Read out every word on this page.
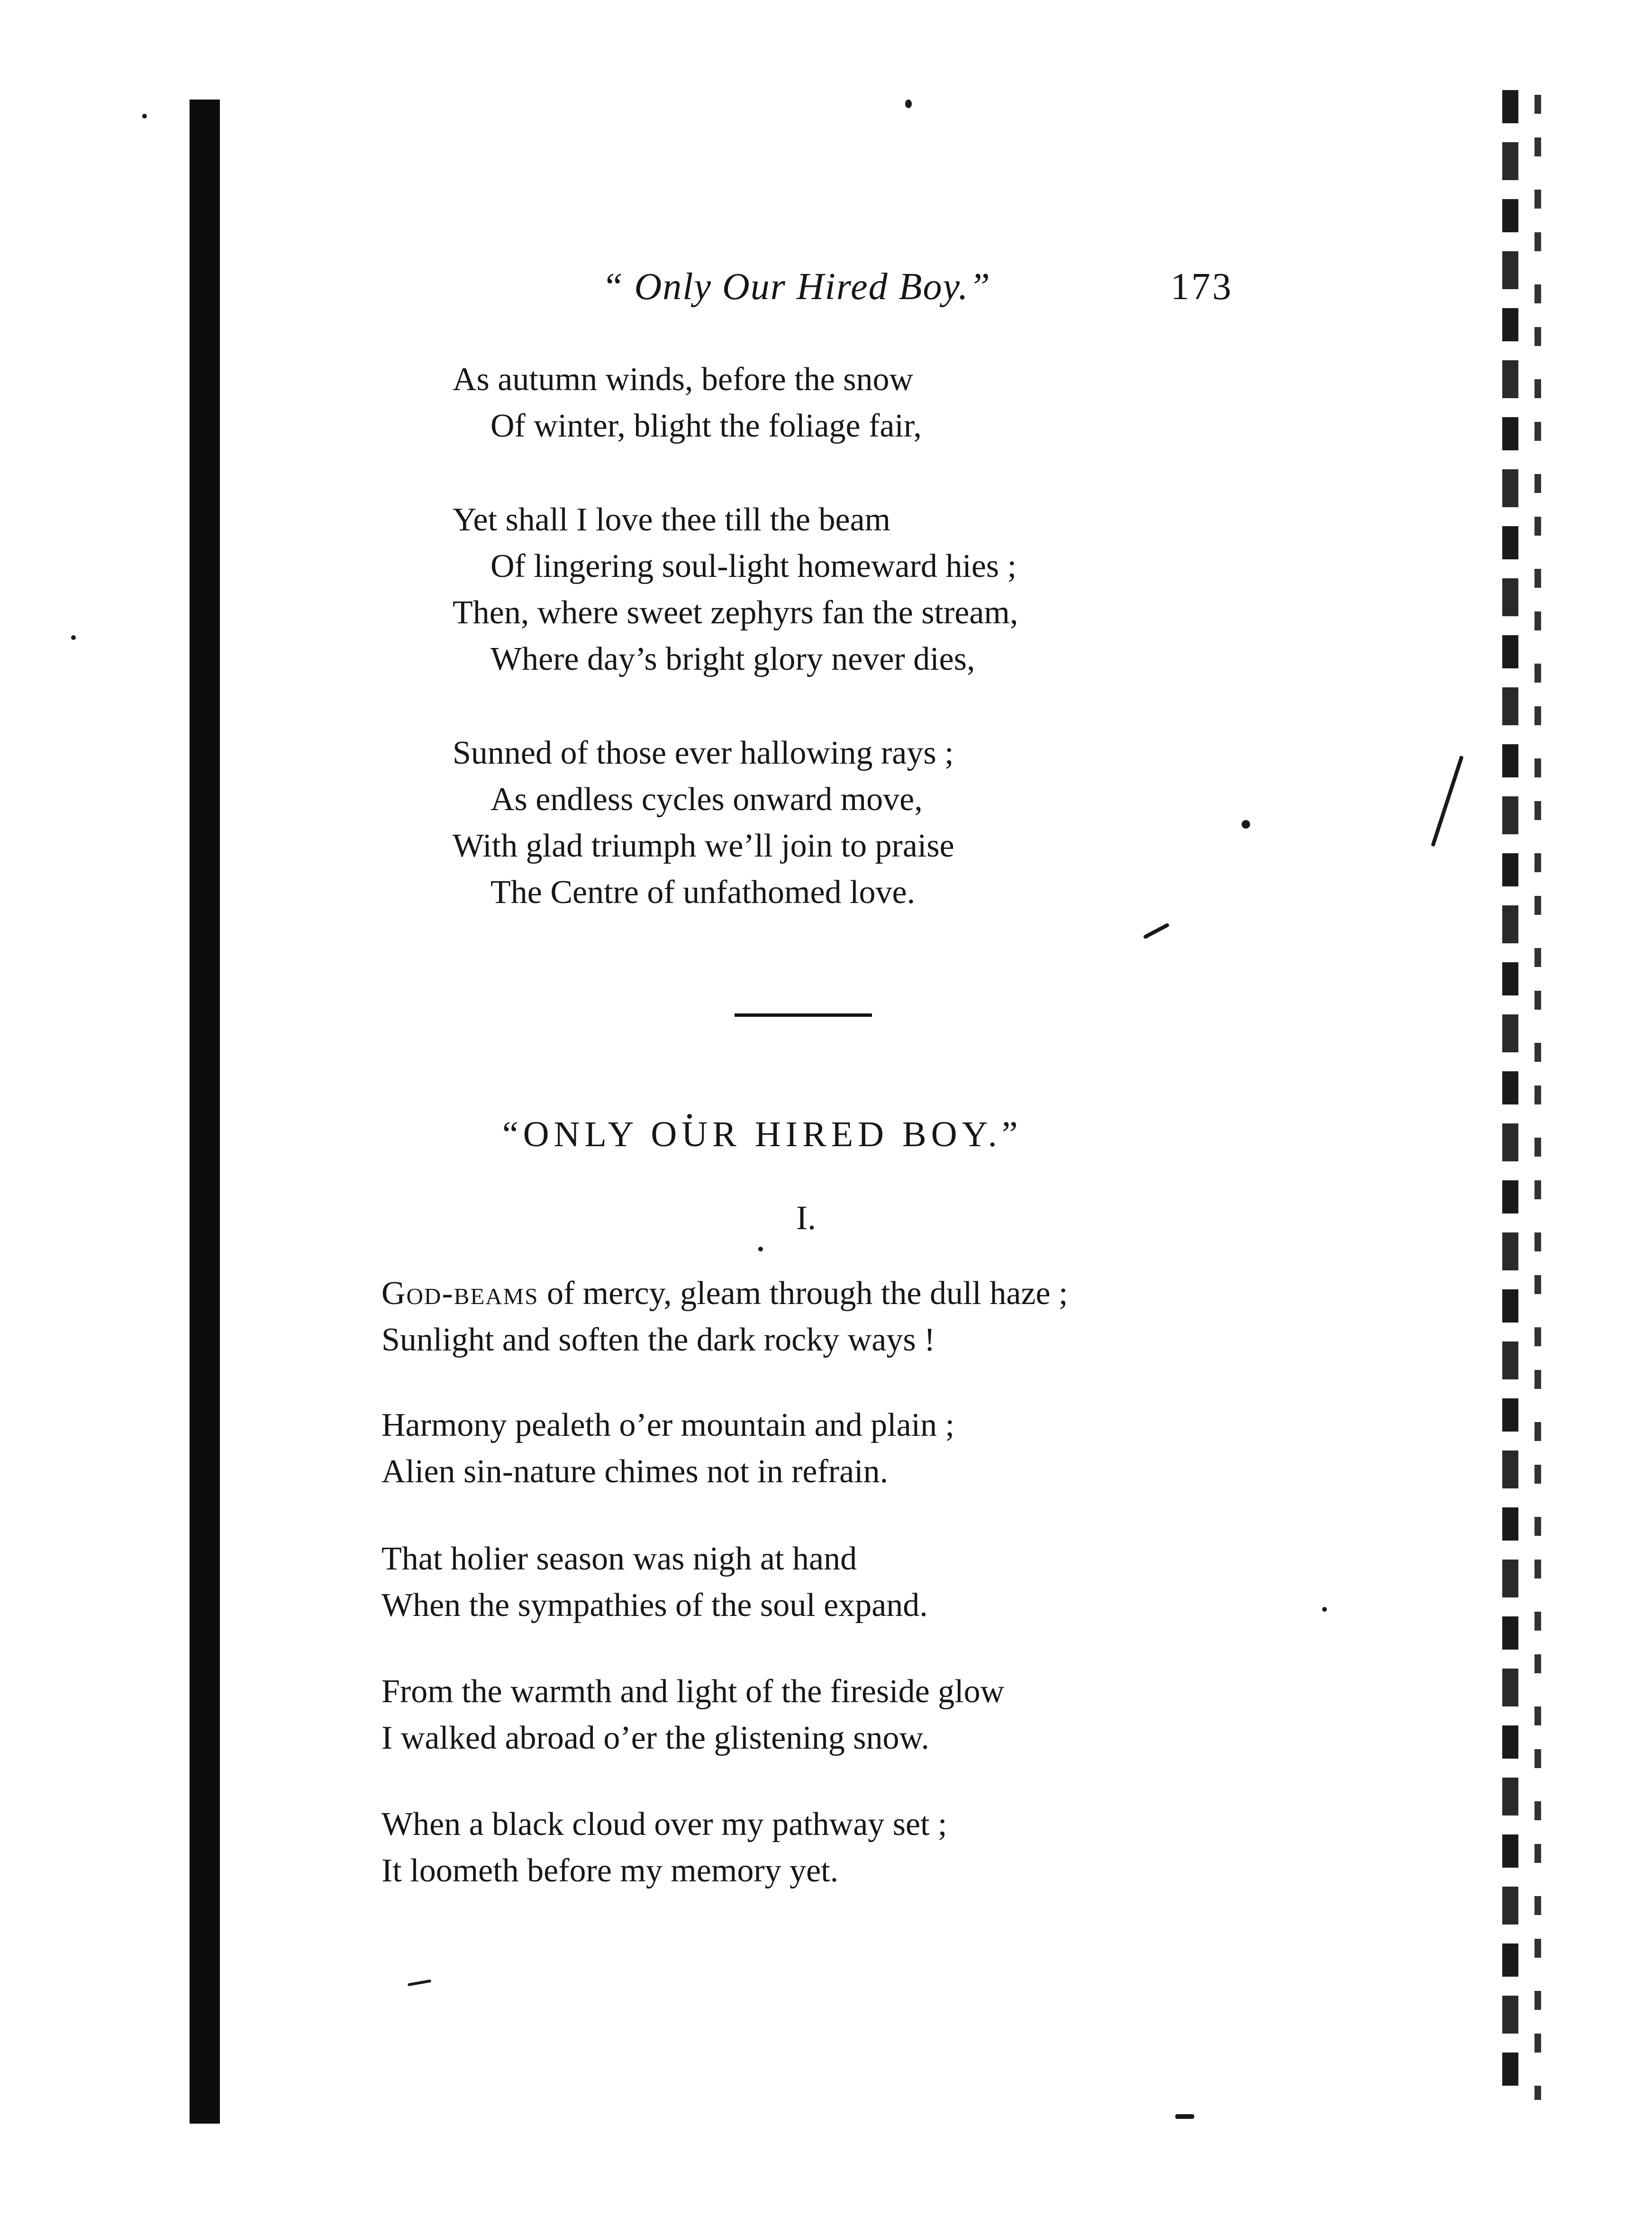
“ Only Our Hired Boy.”	173
As autumn winds, before the snow
Of winter, blight the foliage fair,
Yet shall I love thee till the beam
Of lingering soul-light homeward hies ;
Then, where sweet zephyrs fan the stream,
Where day’s bright glory never dies,
Sunned of those ever hallowing rays ;
As endless cycles onward move,
With glad triumph we’ll join to praise
The Centre of unfathomed love.
“ONLY OUR HIRED BOY.”
I.
God-beams of mercy, gleam through the dull haze ;
Sunlight and soften the dark rocky ways !
Harmony pealeth o’er mountain and plain ;
Alien sin-nature chimes not in refrain.
That holier season was nigh at hand
When the sympathies of the soul expand.
From the warmth and light of the fireside glow
I walked abroad o’er the glistening snow.
When a black cloud over my pathway set ;
It loometh before my memory yet.
